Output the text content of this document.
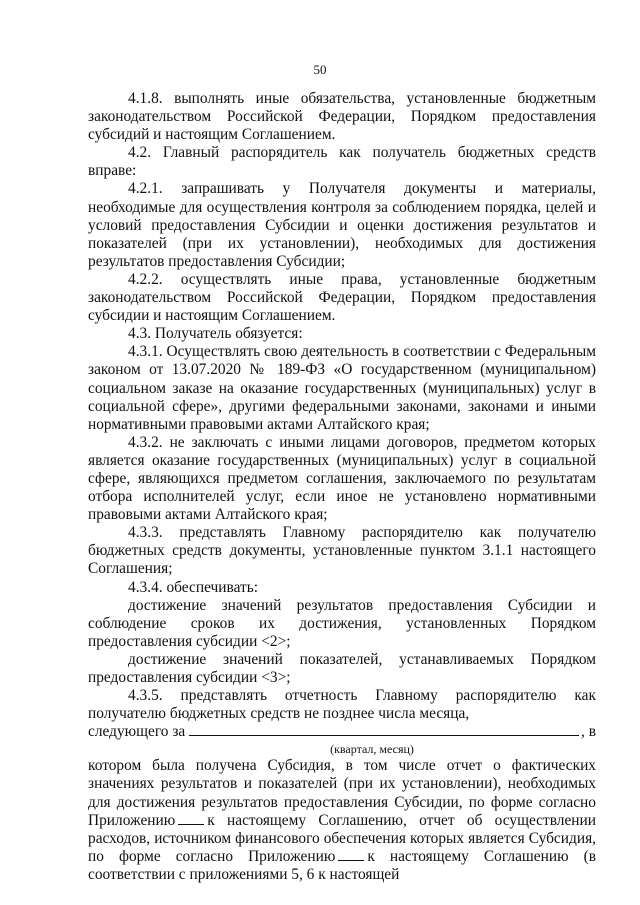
50

4.1.8. выполнять иные обязательства, установленные бюджетным законодательством Российской Федерации, Порядком предоставления субсидий и настоящим Соглашением.

4.2. Главный распорядитель как получатель бюджетных средств вправе:

4.2.1. запрашивать у Получателя документы и материалы, необходимые для осуществления контроля за соблюдением порядка, целей и условий предоставления Субсидии и оценки достижения результатов и показателей (при их установлении), необходимых для достижения результатов предоставления Субсидии;

4.2.2. осуществлять иные права, установленные бюджетным законодательством Российской Федерации, Порядком предоставления субсидии и настоящим Соглашением.

4.3. Получатель обязуется:

4.3.1. Осуществлять свою деятельность в соответствии с Федеральным законом от 13.07.2020 № 189-ФЗ «О государственном (муниципальном) социальном заказе на оказание государственных (муниципальных) услуг в социальной сфере», другими федеральными законами, законами и иными нормативными правовыми актами Алтайского края;

4.3.2. не заключать с иными лицами договоров, предметом которых является оказание государственных (муниципальных) услуг в социальной сфере, являющихся предметом соглашения, заключаемого по результатам отбора исполнителей услуг, если иное не установлено нормативными правовыми актами Алтайского края;

4.3.3. представлять Главному распорядителю как получателю бюджетных средств документы, установленные пунктом 3.1.1 настоящего Соглашения;

4.3.4. обеспечивать:

достижение значений результатов предоставления Субсидии и соблюдение сроков их достижения, установленных Порядком предоставления субсидии <2>;

достижение значений показателей, устанавливаемых Порядком предоставления субсидии <3>;

4.3.5. представлять отчетность Главному распорядителю как получателю бюджетных средств не позднее числа месяца,

следующего за	, в
(квартал, месяц)

котором была получена Субсидия, в том числе отчет о фактических значениях результатов и показателей (при их установлении), необходимых для достижения результатов предоставления Субсидии, по форме согласно Приложению к настоящему Соглашению, отчет об осуществлении расходов, источником финансового обеспечения которых является Субсидия, по форме согласно Приложению к настоящему Соглашению (в соответствии с приложениями 5, 6 к настоящей
